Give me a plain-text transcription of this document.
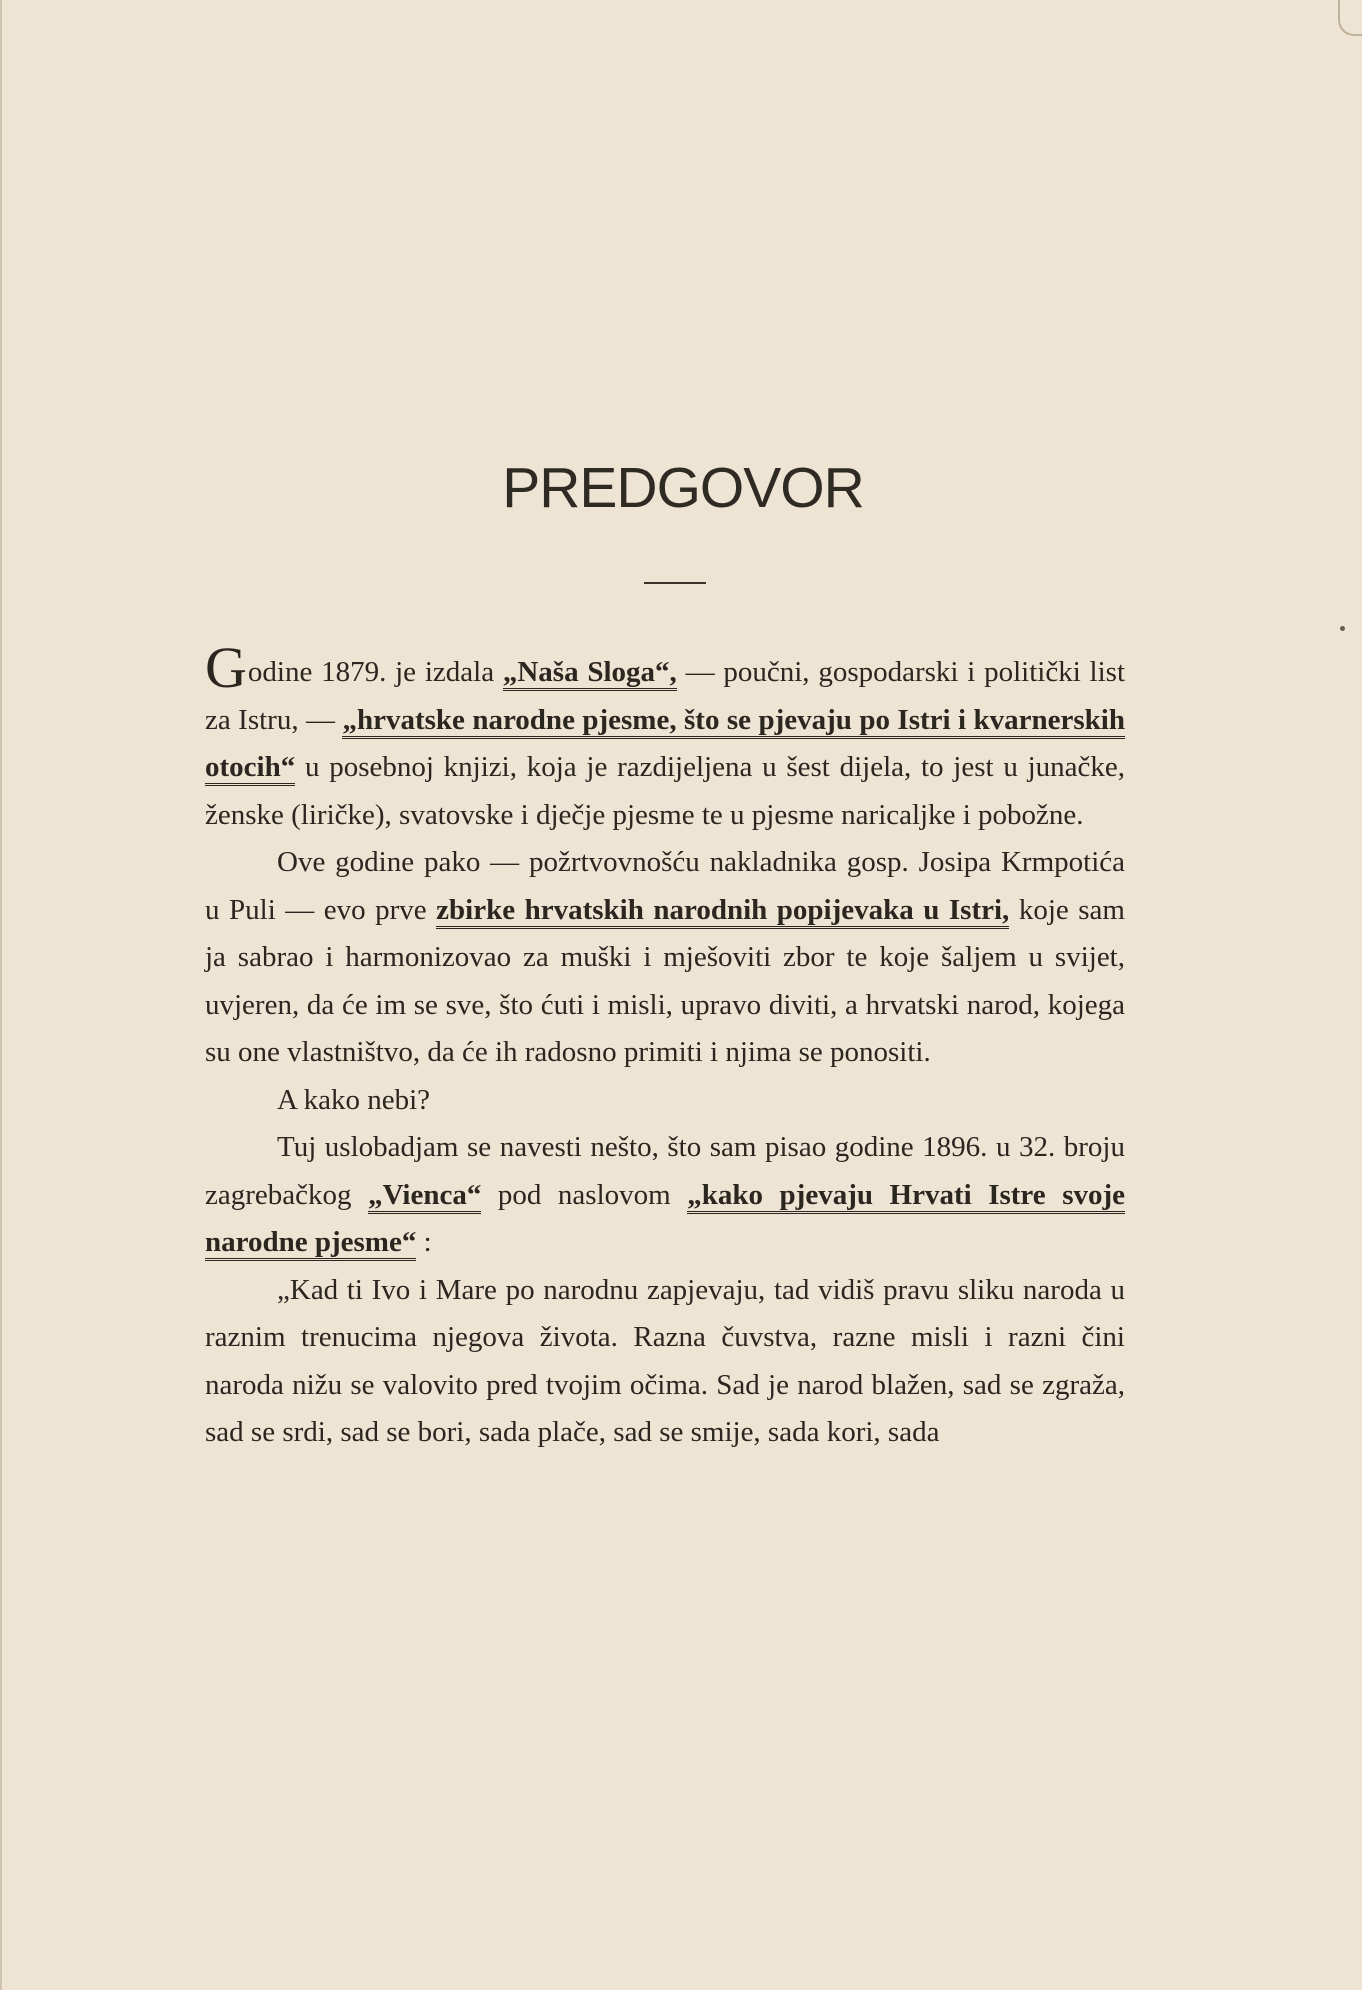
PREDGOVOR

Godine 1879. je izdala „Naša Sloga“, — poučni, gospodarski i politički list za Istru, — „hrvatske narodne pjesme, što se pjevaju po Istri i kvarnerskih otocih“ u posebnoj knjizi, koja je razdijeljena u šest dijela, to jest u junačke, ženske (liričke), svatovske i dječje pjesme te u pjesme naricaljke i pobožne.

Ove godine pako — požrtvovnošću nakladnika gosp. Josipa Krmpotića u Puli — evo prve zbirke hrvatskih narodnih popijevaka u Istri, koje sam ja sabrao i harmonizovao za muški i mješoviti zbor te koje šaljem u svijet, uvjeren, da će im se sve, što ćuti i misli, upravo diviti, a hrvatski narod, kojega su one vlastništvo, da će ih radosno primiti i njima se ponositi.

A kako nebi?

Tuj uslobadjam se navesti nešto, što sam pisao godine 1896. u 32. broju zagrebačkog „Vienca“ pod naslovom „kako pjevaju Hrvati Istre svoje narodne pjesme“ :

„Kad ti Ivo i Mare po narodnu zapjevaju, tad vidiš pravu sliku naroda u raznim trenucima njegova života. Razna čuvstva, razne misli i razni čini naroda nižu se valovito pred tvojim očima. Sad je narod blažen, sad se zgraža, sad se srdi, sad se bori, sada plače, sad se smije, sada kori, sada
